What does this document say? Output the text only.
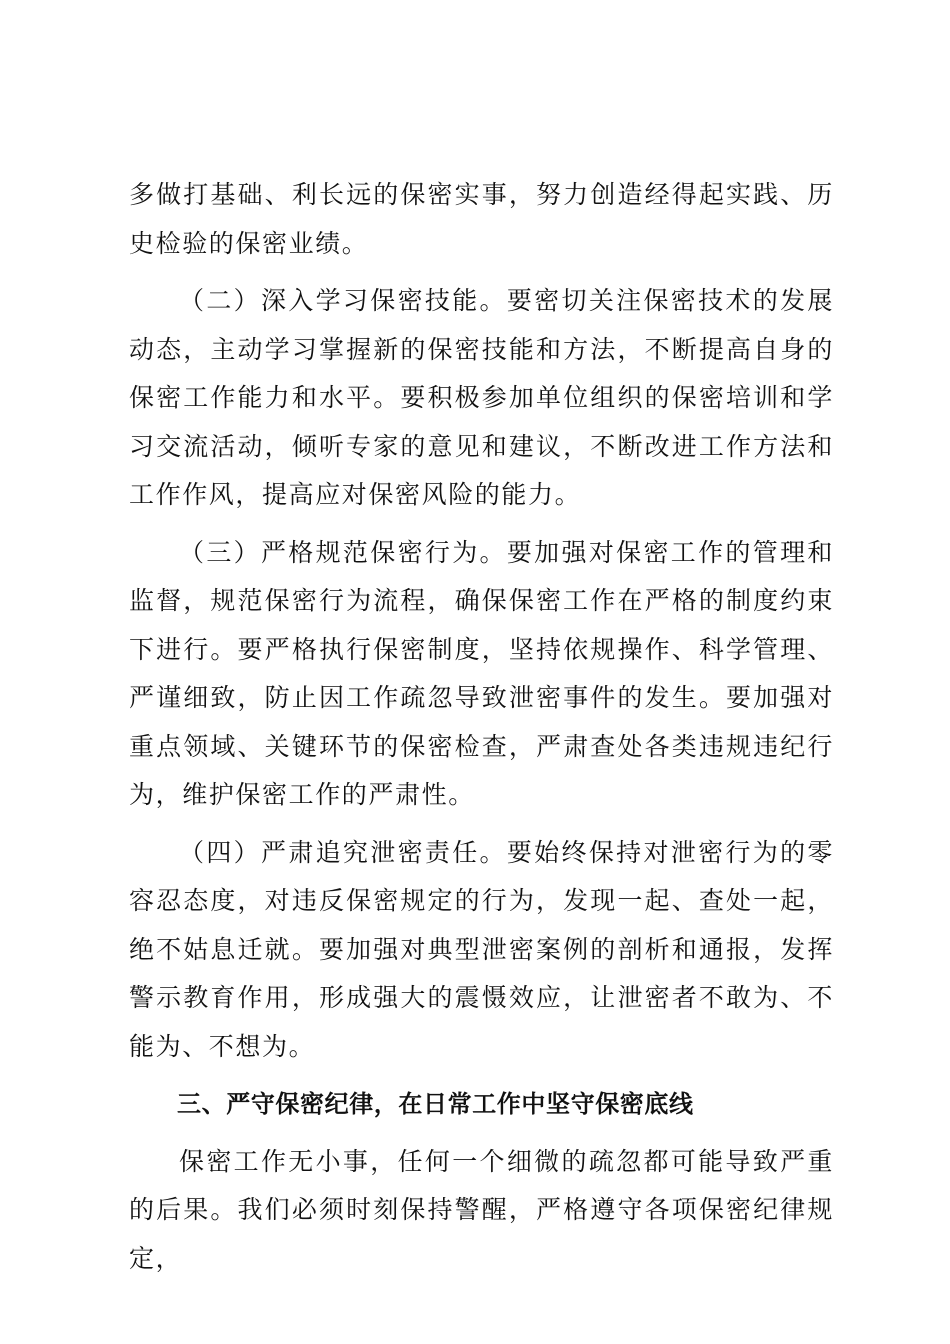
多做打基础、利长远的保密实事，努力创造经得起实践、历史检验的保密业绩。

（二）深入学习保密技能。要密切关注保密技术的发展动态，主动学习掌握新的保密技能和方法，不断提高自身的保密工作能力和水平。要积极参加单位组织的保密培训和学习交流活动，倾听专家的意见和建议，不断改进工作方法和工作作风，提高应对保密风险的能力。

（三）严格规范保密行为。要加强对保密工作的管理和监督，规范保密行为流程，确保保密工作在严格的制度约束下进行。要严格执行保密制度，坚持依规操作、科学管理、严谨细致，防止因工作疏忽导致泄密事件的发生。要加强对重点领域、关键环节的保密检查，严肃查处各类违规违纪行为，维护保密工作的严肃性。

（四）严肃追究泄密责任。要始终保持对泄密行为的零容忍态度，对违反保密规定的行为，发现一起、查处一起，绝不姑息迁就。要加强对典型泄密案例的剖析和通报，发挥警示教育作用，形成强大的震慑效应，让泄密者不敢为、不能为、不想为。

三、严守保密纪律，在日常工作中坚守保密底线

保密工作无小事，任何一个细微的疏忽都可能导致严重的后果。我们必须时刻保持警醒，严格遵守各项保密纪律规定，
